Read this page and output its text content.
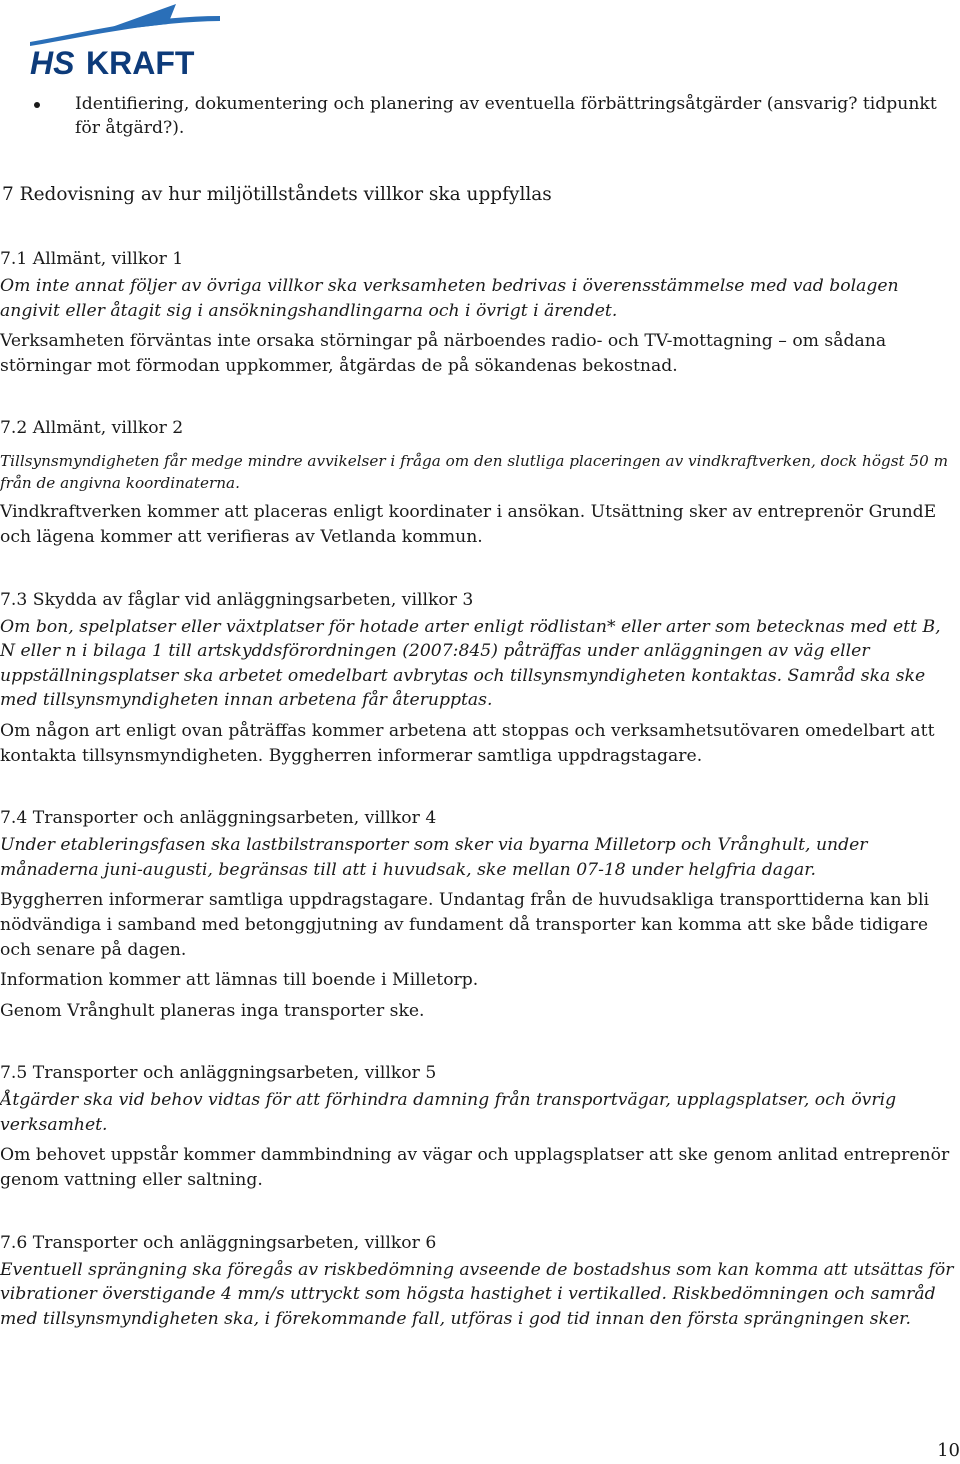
HS KRAFT
Identifiering, dokumentering och planering av eventuella förbättringsåtgärder (ansvarig? tidpunkt för åtgärd?).
7 Redovisning av hur miljötillståndets villkor ska uppfyllas
7.1 Allmänt, villkor 1

Om inte annat följer av övriga villkor ska verksamheten bedrivas i överensstämmelse med vad bolagen angivit eller åtagit sig i ansökningshandlingarna och i övrigt i ärendet.

Verksamheten förväntas inte orsaka störningar på närboendes radio- och TV-mottagning – om sådana störningar mot förmodan uppkommer, åtgärdas de på sökandenas bekostnad.

7.2 Allmänt, villkor 2

Tillsynsmyndigheten får medge mindre avvikelser i fråga om den slutliga placeringen av vindkraftverken, dock högst 50 m från de angivna koordinaterna.

Vindkraftverken kommer att placeras enligt koordinater i ansökan. Utsättning sker av entreprenör GrundE och lägena kommer att verifieras av Vetlanda kommun.

7.3 Skydda av fåglar vid anläggningsarbeten, villkor 3

Om bon, spelplatser eller växtplatser för hotade arter enligt rödlistan* eller arter som betecknas med ett B, N eller n i bilaga 1 till artskyddsförordningen (2007:845) påträffas under anläggningen av väg eller uppställningsplatser ska arbetet omedelbart avbrytas och tillsynsmyndigheten kontaktas. Samråd ska ske med tillsynsmyndigheten innan arbetena får återupptas.

Om någon art enligt ovan påträffas kommer arbetena att stoppas och verksamhetsutövaren omedelbart att kontakta tillsynsmyndigheten. Byggherren informerar samtliga uppdragstagare.

7.4 Transporter och anläggningsarbeten, villkor 4

Under etableringsfasen ska lastbilstransporter som sker via byarna Milletorp och Vrånghult, under månaderna juni-augusti, begränsas till att i huvudsak, ske mellan 07-18 under helgfria dagar.

Byggherren informerar samtliga uppdragstagare. Undantag från de huvudsakliga transporttiderna kan bli nödvändiga i samband med betonggjutning av fundament då transporter kan komma att ske både tidigare och senare på dagen.

Information kommer att lämnas till boende i Milletorp.

Genom Vrånghult planeras inga transporter ske.

7.5 Transporter och anläggningsarbeten, villkor 5

Åtgärder ska vid behov vidtas för att förhindra damning från transportvägar, upplagsplatser, och övrig verksamhet.

Om behovet uppstår kommer dammbindning av vägar och upplagsplatser att ske genom anlitad entreprenör genom vattning eller saltning.

7.6 Transporter och anläggningsarbeten, villkor 6

Eventuell sprängning ska föregås av riskbedömning avseende de bostadshus som kan komma att utsättas för vibrationer överstigande 4 mm/s uttryckt som högsta hastighet i vertikalled. Riskbedömningen och samråd med tillsynsmyndigheten ska, i förekommande fall, utföras i god tid innan den första sprängningen sker.

10
